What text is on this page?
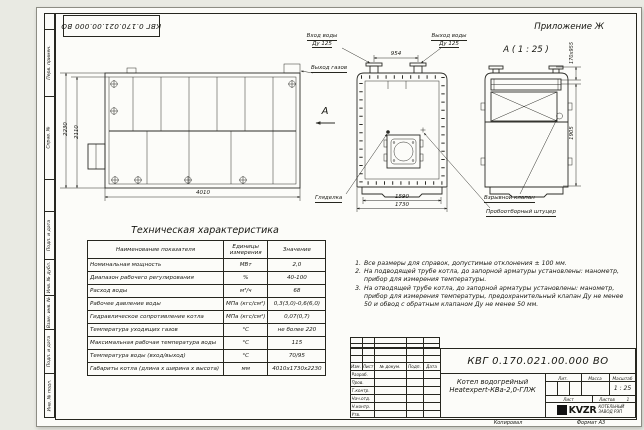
Перв. примен.
Справ. №
Подп. и дата
Инв. № дубл.
Взам. инв. №
Подп. и дата
Инв. № подл.
КВГ 0.170.021.00.000 ВО	Приложение Ж
2230 2110
4010
Вход воды
Ду 125
Выход воды
Ду 125
954
Выход газов
А
Гляделка	1590
1730
А ( 1 : 25 )	170х955
1905
Взрывной клапан
Пробоотборный штуцер
Техническая характеристика
Наименование показателя	Единицы измерения	Значение
Номинальная мощность	МВт	2,0
Диапазон рабочего регулирования	%	40-100
Расход воды	м³/ч	68
Рабочее давление воды	МПа (кгс/см²)	0,3(3,0)-0,6(6,0)
Гидравлическое сопротивление котла	МПа (кгс/см²)	0,07(0,7)
Температура уходящих газов	°С	не более 220
Максимальная рабочая температура воды	°С	115
Температура воды (вход/выход)	°С	70/95
Габариты котла (длина х ширина х высота)	мм	4010х1730х2230
1. Все размеры для справок, допустимые отклонения ± 100 мм.
2. На подводящей трубе котла, до запорной арматуры установлены: манометр, прибор для измерения температуры.
3. На отводящей трубе котла, до запорной арматуры установлены: манометр, прибор для измерения температуры, предохранительный клапан Ду не менее 50 и обвод с обратным клапаном Ду не менее 50 мм.
КВГ 0.170.021.00.000 ВО
Изм. Лист	№ докум.	Подп.	Дата
Разраб.
Пров.
Т.контр.
Нач.отд.
Н.контр.
Утв.
Котел водогрейный
Heatexpert-КВа-2,0-ГЛЖ
Лит.	Масса	Масштаб
1 : 25
Лист	Листов	1
KVZR КОТЕЛЬНЫЙ
ЗАВОД РЭП
Копировал	Формат А3
